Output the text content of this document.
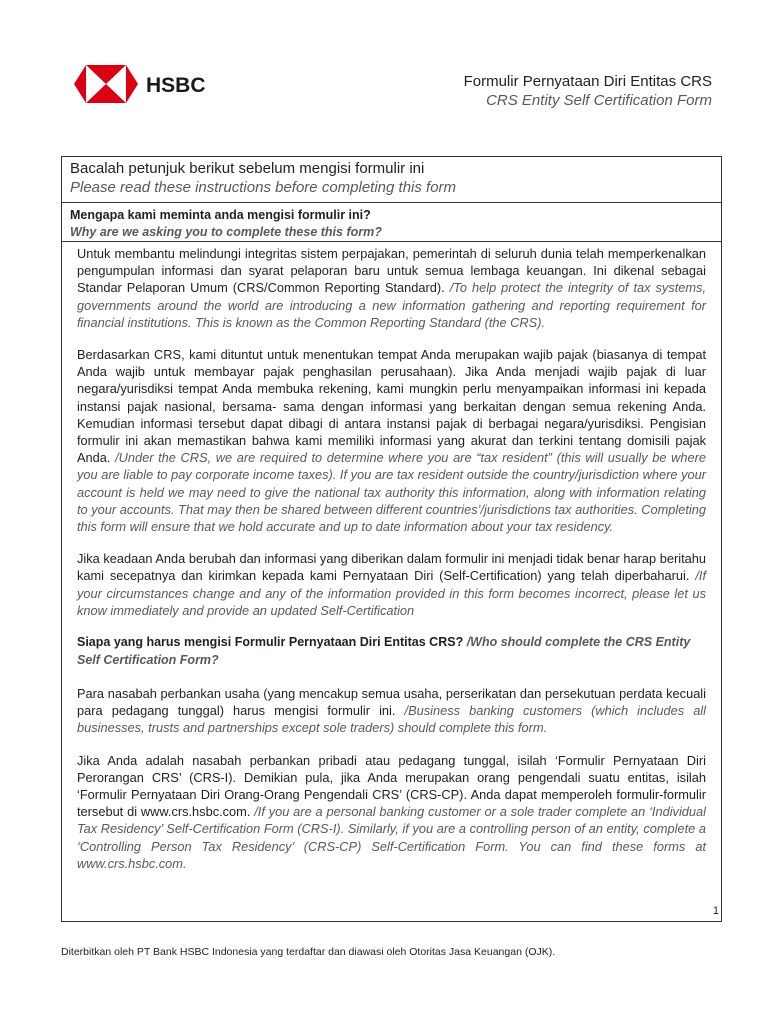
HSBC	Formulir Pernyataan Diri Entitas CRS
CRS Entity Self Certification Form
Bacalah petunjuk berikut sebelum mengisi formulir ini
Please read these instructions before completing this form
Mengapa kami meminta anda mengisi formulir ini?
Why are we asking you to complete these this form?

Untuk membantu melindungi integritas sistem perpajakan, pemerintah di seluruh dunia telah memperkenalkan pengumpulan informasi dan syarat pelaporan baru untuk semua lembaga keuangan. Ini dikenal sebagai Standar Pelaporan Umum (CRS/Common Reporting Standard). /To help protect the integrity of tax systems, governments around the world are introducing a new information gathering and reporting requirement for financial institutions. This is known as the Common Reporting Standard (the CRS).

Berdasarkan CRS, kami dituntut untuk menentukan tempat Anda merupakan wajib pajak (biasanya di tempat Anda wajib untuk membayar pajak penghasilan perusahaan). Jika Anda menjadi wajib pajak di luar negara/yurisdiksi tempat Anda membuka rekening, kami mungkin perlu menyampaikan informasi ini kepada instansi pajak nasional, bersama- sama dengan informasi yang berkaitan dengan semua rekening Anda. Kemudian informasi tersebut dapat dibagi di antara instansi pajak di berbagai negara/yurisdiksi. Pengisian formulir ini akan memastikan bahwa kami memiliki informasi yang akurat dan terkini tentang domisili pajak Anda. /Under the CRS, we are required to determine where you are “tax resident” (this will usually be where you are liable to pay corporate income taxes). If you are tax resident outside the country/jurisdiction where your account is held we may need to give the national tax authority this information, along with information relating to your accounts. That may then be shared between different countries’/jurisdictions tax authorities. Completing this form will ensure that we hold accurate and up to date information about your tax residency.

Jika keadaan Anda berubah dan informasi yang diberikan dalam formulir ini menjadi tidak benar harap beritahu kami secepatnya dan kirimkan kepada kami Pernyataan Diri (Self-Certification) yang telah diperbaharui. /If your circumstances change and any of the information provided in this form becomes incorrect, please let us know immediately and provide an updated Self-Certification

Siapa yang harus mengisi Formulir Pernyataan Diri Entitas CRS? /Who should complete the CRS Entity Self Certification Form?

Para nasabah perbankan usaha (yang mencakup semua usaha, perserikatan dan persekutuan perdata kecuali para pedagang tunggal) harus mengisi formulir ini. /Business banking customers (which includes all businesses, trusts and partnerships except sole traders) should complete this form.

Jika Anda adalah nasabah perbankan pribadi atau pedagang tunggal, isilah ‘Formulir Pernyataan Diri Perorangan CRS’ (CRS-I). Demikian pula, jika Anda merupakan orang pengendali suatu entitas, isilah ‘Formulir Pernyataan Diri Orang-Orang Pengendali CRS’ (CRS-CP). Anda dapat memperoleh formulir-formulir tersebut di www.crs.hsbc.com. /If you are a personal banking customer or a sole trader complete an ‘Individual Tax Residency’ Self-Certification Form (CRS-I). Similarly, if you are a controlling person of an entity, complete a ‘Controlling Person Tax Residency’ (CRS-CP) Self-Certification Form. You can find these forms at www.crs.hsbc.com.

1
Diterbitkan oleh PT Bank HSBC Indonesia yang terdaftar dan diawasi oleh Otoritas Jasa Keuangan (OJK).
